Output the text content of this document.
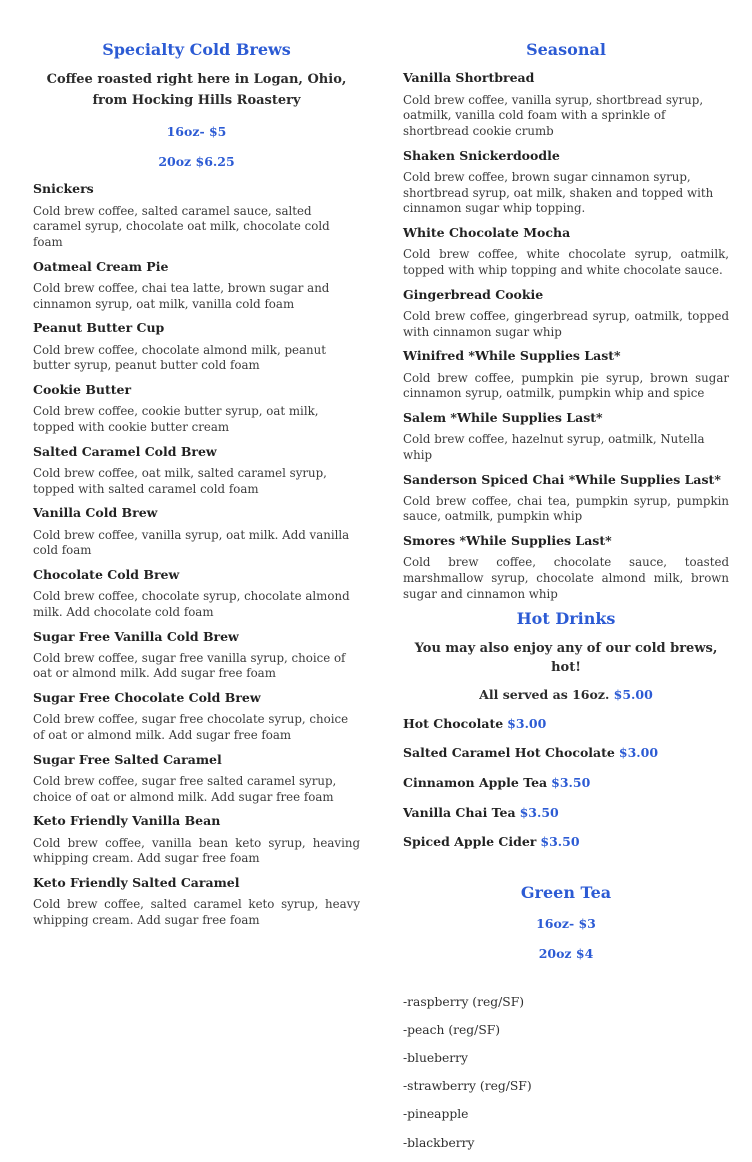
Specialty Cold Brews

Coffee roasted right here in Logan, Ohio, from Hocking Hills Roastery

16oz- $5

20oz $6.25

Snickers
Cold brew coffee, salted caramel sauce, salted caramel syrup, chocolate oat milk, chocolate cold foam
Oatmeal Cream Pie
Cold brew coffee, chai tea latte, brown sugar and cinnamon syrup, oat milk, vanilla cold foam
Peanut Butter Cup
Cold brew coffee, chocolate almond milk, peanut butter syrup, peanut butter cold foam
Cookie Butter
Cold brew coffee, cookie butter syrup, oat milk, topped with cookie butter cream
Salted Caramel Cold Brew
Cold brew coffee, oat milk, salted caramel syrup, topped with salted caramel cold foam
Vanilla Cold Brew
Cold brew coffee, vanilla syrup, oat milk. Add vanilla cold foam
Chocolate Cold Brew
Cold brew coffee, chocolate syrup, chocolate almond milk. Add chocolate cold foam
Sugar Free Vanilla Cold Brew
Cold brew coffee, sugar free vanilla syrup, choice of oat or almond milk. Add sugar free foam
Sugar Free Chocolate Cold Brew
Cold brew coffee, sugar free chocolate syrup, choice of oat or almond milk. Add sugar free foam
Sugar Free Salted Caramel
Cold brew coffee, sugar free salted caramel syrup, choice of oat or almond milk. Add sugar free foam
Keto Friendly Vanilla Bean
Cold brew coffee, vanilla bean keto syrup, heaving whipping cream. Add sugar free foam
Keto Friendly Salted Caramel
Cold brew coffee, salted caramel keto syrup, heavy whipping cream. Add sugar free foam
Seasonal
Vanilla Shortbread
Cold brew coffee, vanilla syrup, shortbread syrup, oatmilk, vanilla cold foam with a sprinkle of shortbread cookie crumb
Shaken Snickerdoodle
Cold brew coffee, brown sugar cinnamon syrup, shortbread syrup, oat milk, shaken and topped with cinnamon sugar whip topping.
White Chocolate Mocha
Cold brew coffee, white chocolate syrup, oatmilk, topped with whip topping and white chocolate sauce.
Gingerbread Cookie
Cold brew coffee, gingerbread syrup, oatmilk, topped with cinnamon sugar whip
Winifred *While Supplies Last*
Cold brew coffee, pumpkin pie syrup, brown sugar cinnamon syrup, oatmilk, pumpkin whip and spice
Salem *While Supplies Last*
Cold brew coffee, hazelnut syrup, oatmilk, Nutella whip
Sanderson Spiced Chai *While Supplies Last*
Cold brew coffee, chai tea, pumpkin syrup, pumpkin sauce, oatmilk, pumpkin whip
Smores *While Supplies Last*
Cold brew coffee, chocolate sauce, toasted marshmallow syrup, chocolate almond milk, brown sugar and cinnamon whip
Hot Drinks

You may also enjoy any of our cold brews, hot!

All served as 16oz. $5.00

Hot Chocolate $3.00
Salted Caramel Hot Chocolate $3.00
Cinnamon Apple Tea $3.50
Vanilla Chai Tea $3.50
Spiced Apple Cider $3.50
Green Tea

16oz- $3

20oz $4

-raspberry (reg/SF)
-peach (reg/SF)
-blueberry
-strawberry (reg/SF)
-pineapple
-blackberry
